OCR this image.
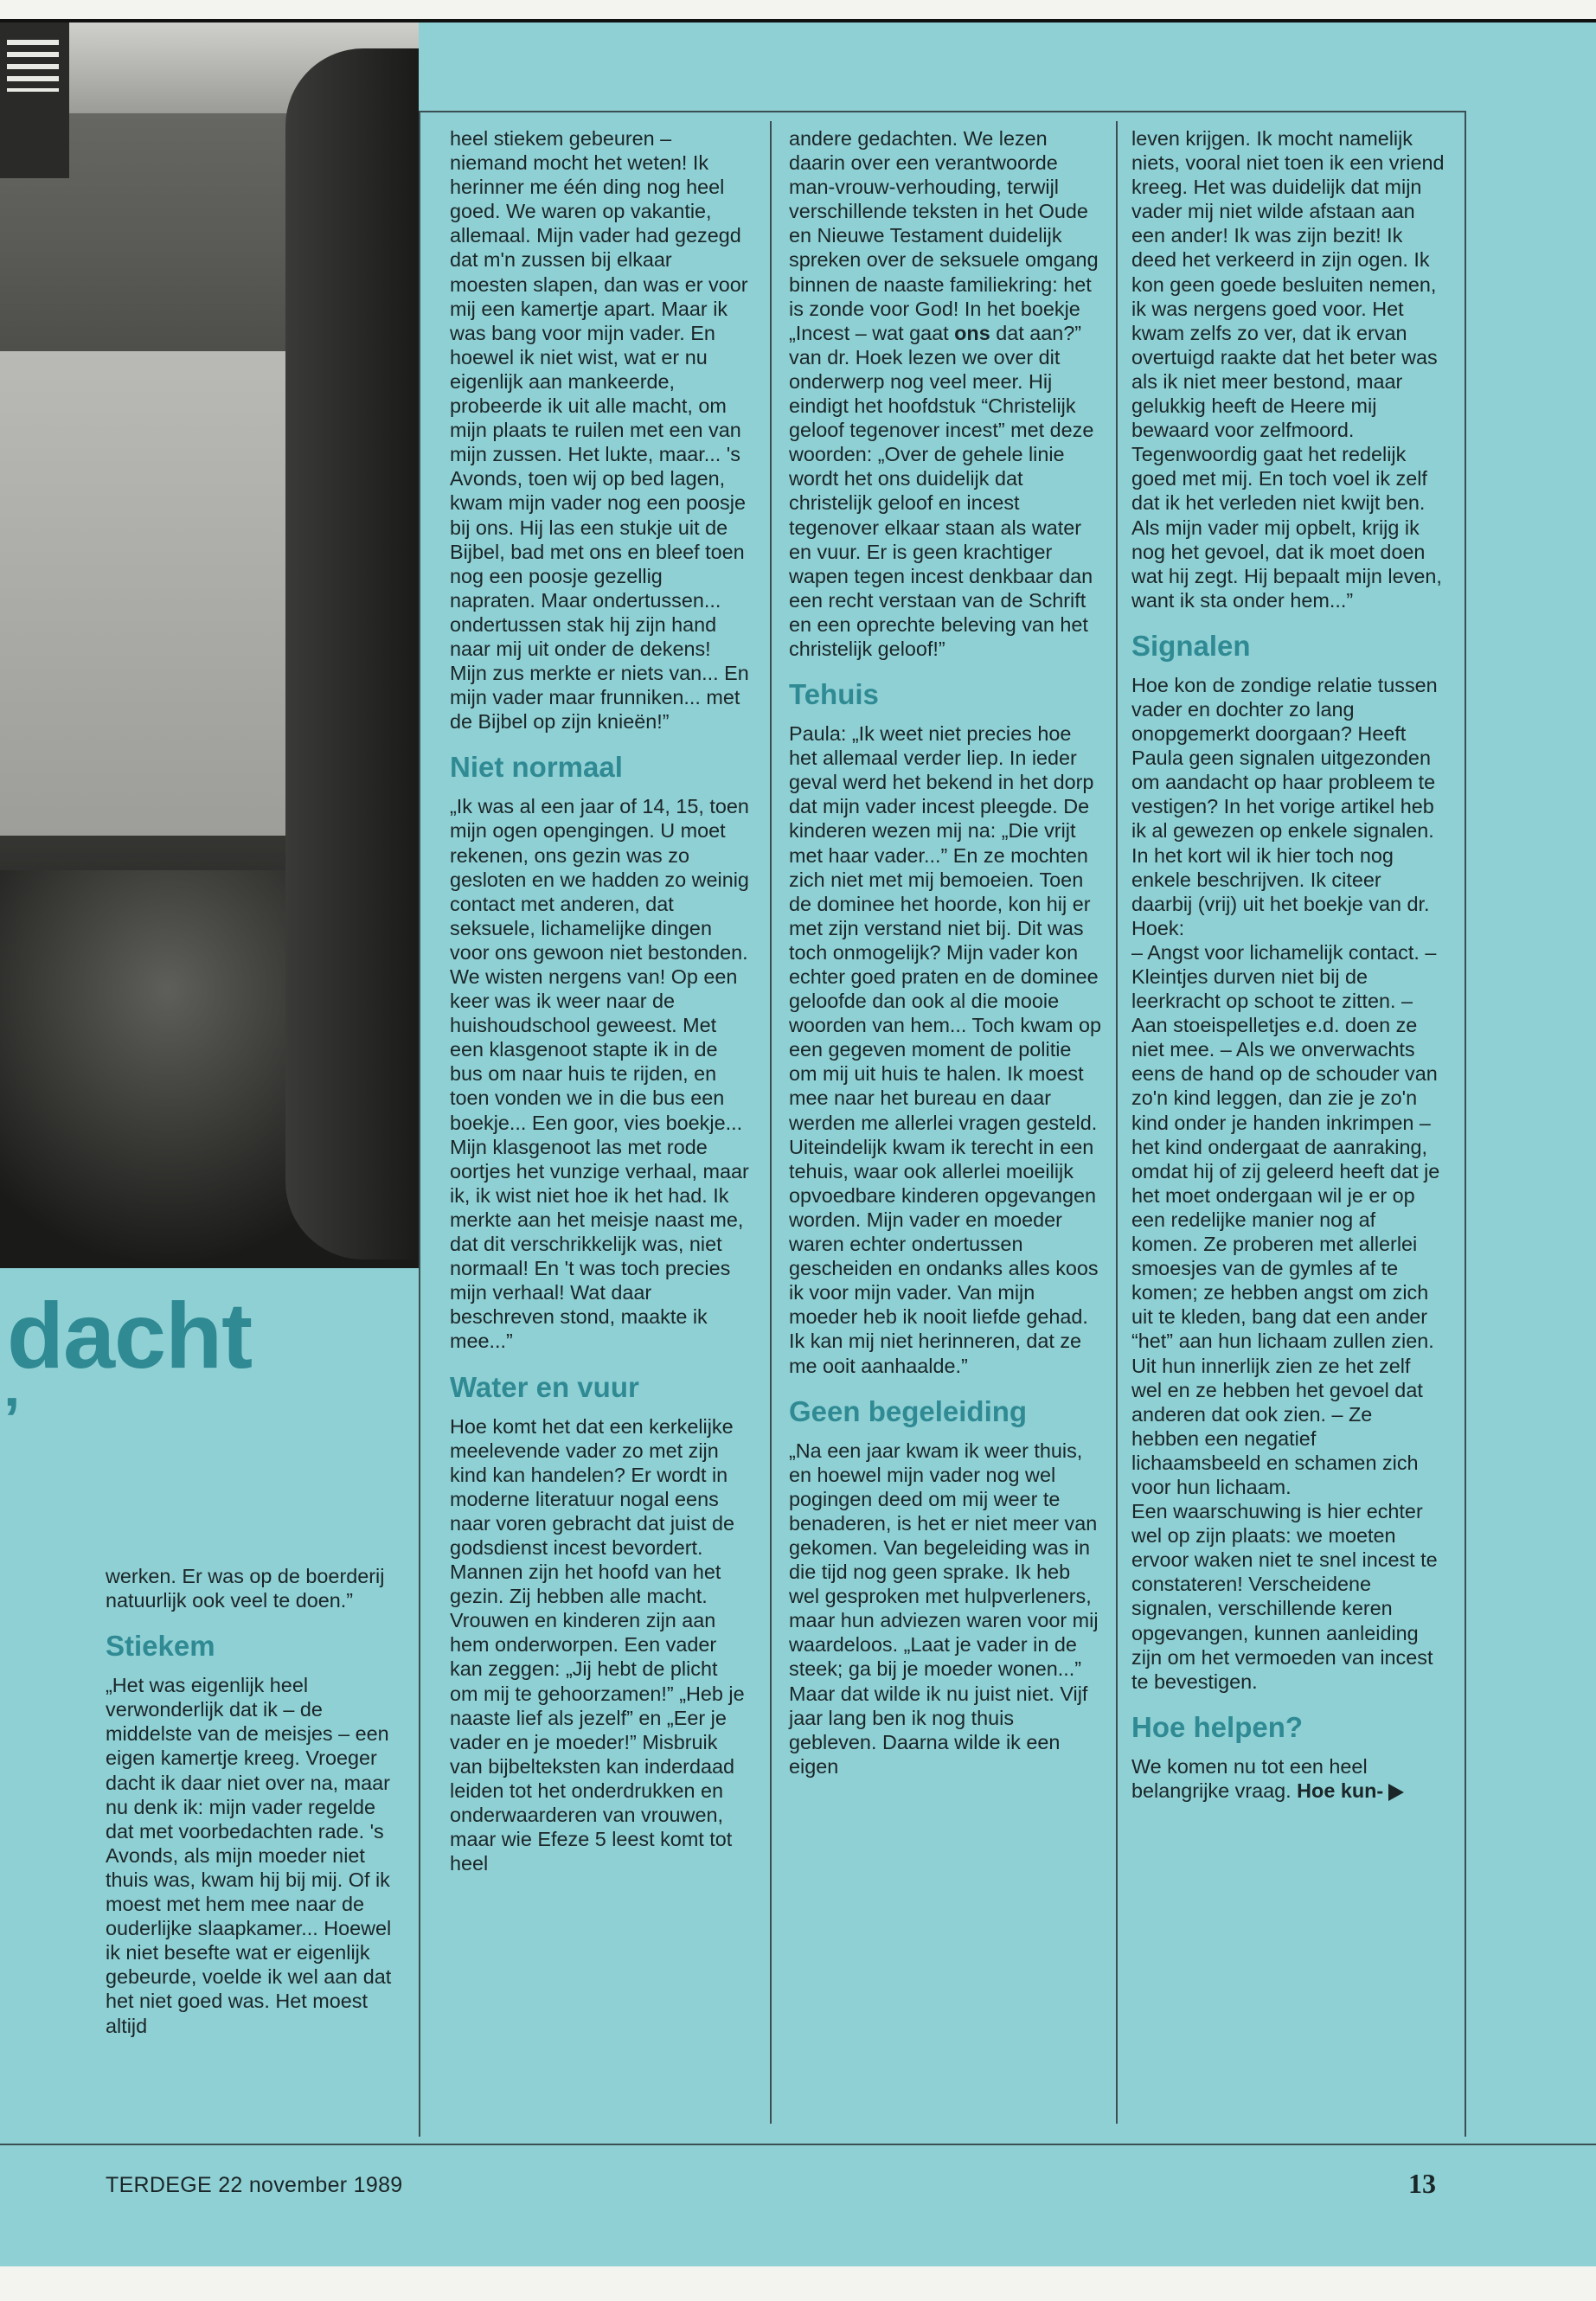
dacht
’

werken. Er was op de boerderij natuurlijk ook veel te doen.”

Stiekem

„Het was eigenlijk heel verwonderlijk dat ik – de middelste van de meisjes – een eigen kamertje kreeg. Vroeger dacht ik daar niet over na, maar nu denk ik: mijn vader regelde dat met voorbedachten rade. 's Avonds, als mijn moeder niet thuis was, kwam hij bij mij. Of ik moest met hem mee naar de ouderlijke slaapkamer... Hoewel ik niet besefte wat er eigenlijk gebeurde, voelde ik wel aan dat het niet goed was. Het moest altijd

heel stiekem gebeuren – niemand mocht het weten! Ik herinner me één ding nog heel goed. We waren op vakantie, allemaal. Mijn vader had gezegd dat m'n zussen bij elkaar moesten slapen, dan was er voor mij een kamertje apart. Maar ik was bang voor mijn vader. En hoewel ik niet wist, wat er nu eigenlijk aan mankeerde, probeerde ik uit alle macht, om mijn plaats te ruilen met een van mijn zussen. Het lukte, maar... 's Avonds, toen wij op bed lagen, kwam mijn vader nog een poosje bij ons. Hij las een stukje uit de Bijbel, bad met ons en bleef toen nog een poosje gezellig napraten. Maar ondertussen... ondertussen stak hij zijn hand naar mij uit onder de dekens! Mijn zus merkte er niets van... En mijn vader maar frunniken... met de Bijbel op zijn knieën!”

Niet normaal

„Ik was al een jaar of 14, 15, toen mijn ogen opengingen. U moet rekenen, ons gezin was zo gesloten en we hadden zo weinig contact met anderen, dat seksuele, lichamelijke dingen voor ons gewoon niet bestonden. We wisten nergens van! Op een keer was ik weer naar de huishoudschool geweest. Met een klasgenoot stapte ik in de bus om naar huis te rijden, en toen vonden we in die bus een boekje... Een goor, vies boekje... Mijn klasgenoot las met rode oortjes het vunzige verhaal, maar ik, ik wist niet hoe ik het had. Ik merkte aan het meisje naast me, dat dit verschrikkelijk was, niet normaal! En 't was toch precies mijn verhaal! Wat daar beschreven stond, maakte ik mee...”

Water en vuur

Hoe komt het dat een kerkelijke meelevende vader zo met zijn kind kan handelen? Er wordt in moderne literatuur nogal eens naar voren gebracht dat juist de godsdienst incest bevordert. Mannen zijn het hoofd van het gezin. Zij hebben alle macht. Vrouwen en kinderen zijn aan hem onderworpen. Een vader kan zeggen: „Jij hebt de plicht om mij te gehoorzamen!” „Heb je naaste lief als jezelf” en „Eer je vader en je moeder!” Misbruik van bijbelteksten kan inderdaad leiden tot het onderdrukken en onderwaarderen van vrouwen, maar wie Efeze 5 leest komt tot heel

andere gedachten. We lezen daarin over een verantwoorde man-vrouw-verhouding, terwijl verschillende teksten in het Oude en Nieuwe Testament duidelijk spreken over de seksuele omgang binnen de naaste familiekring: het is zonde voor God! In het boekje „Incest – wat gaat ons dat aan?” van dr. Hoek lezen we over dit onderwerp nog veel meer. Hij eindigt het hoofdstuk “Christelijk geloof tegenover incest” met deze woorden: „Over de gehele linie wordt het ons duidelijk dat christelijk geloof en incest tegenover elkaar staan als water en vuur. Er is geen krachtiger wapen tegen incest denkbaar dan een recht verstaan van de Schrift en een oprechte beleving van het christelijk geloof!”

Tehuis

Paula: „Ik weet niet precies hoe het allemaal verder liep. In ieder geval werd het bekend in het dorp dat mijn vader incest pleegde. De kinderen wezen mij na: „Die vrijt met haar vader...” En ze mochten zich niet met mij bemoeien. Toen de dominee het hoorde, kon hij er met zijn verstand niet bij. Dit was toch onmogelijk? Mijn vader kon echter goed praten en de dominee geloofde dan ook al die mooie woorden van hem... Toch kwam op een gegeven moment de politie om mij uit huis te halen. Ik moest mee naar het bureau en daar werden me allerlei vragen gesteld. Uiteindelijk kwam ik terecht in een tehuis, waar ook allerlei moeilijk opvoedbare kinderen opgevangen worden. Mijn vader en moeder waren echter ondertussen gescheiden en ondanks alles koos ik voor mijn vader. Van mijn moeder heb ik nooit liefde gehad. Ik kan mij niet herinneren, dat ze me ooit aanhaalde.”

Geen begeleiding

„Na een jaar kwam ik weer thuis, en hoewel mijn vader nog wel pogingen deed om mij weer te benaderen, is het er niet meer van gekomen. Van begeleiding was in die tijd nog geen sprake. Ik heb wel gesproken met hulpverleners, maar hun adviezen waren voor mij waardeloos. „Laat je vader in de steek; ga bij je moeder wonen...” Maar dat wilde ik nu juist niet. Vijf jaar lang ben ik nog thuis gebleven. Daarna wilde ik een eigen

leven krijgen. Ik mocht namelijk niets, vooral niet toen ik een vriend kreeg. Het was duidelijk dat mijn vader mij niet wilde afstaan aan een ander! Ik was zijn bezit! Ik deed het verkeerd in zijn ogen. Ik kon geen goede besluiten nemen, ik was nergens goed voor. Het kwam zelfs zo ver, dat ik ervan overtuigd raakte dat het beter was als ik niet meer bestond, maar gelukkig heeft de Heere mij bewaard voor zelfmoord.

Tegenwoordig gaat het redelijk goed met mij. En toch voel ik zelf dat ik het verleden niet kwijt ben. Als mijn vader mij opbelt, krijg ik nog het gevoel, dat ik moet doen wat hij zegt. Hij bepaalt mijn leven, want ik sta onder hem...”

Signalen

Hoe kon de zondige relatie tussen vader en dochter zo lang onopgemerkt doorgaan? Heeft Paula geen signalen uitgezonden om aandacht op haar probleem te vestigen? In het vorige artikel heb ik al gewezen op enkele signalen. In het kort wil ik hier toch nog enkele beschrijven. Ik citeer daarbij (vrij) uit het boekje van dr. Hoek:

– Angst voor lichamelijk contact. – Kleintjes durven niet bij de leerkracht op schoot te zitten. – Aan stoeispelletjes e.d. doen ze niet mee. – Als we onverwachts eens de hand op de schouder van zo'n kind leggen, dan zie je zo'n kind onder je handen inkrimpen – het kind ondergaat de aanraking, omdat hij of zij geleerd heeft dat je het moet ondergaan wil je er op een redelijke manier nog af komen. Ze proberen met allerlei smoesjes van de gymles af te komen; ze hebben angst om zich uit te kleden, bang dat een ander “het” aan hun lichaam zullen zien. Uit hun innerlijk zien ze het zelf wel en ze hebben het gevoel dat anderen dat ook zien. – Ze hebben een negatief lichaamsbeeld en schamen zich voor hun lichaam.

Een waarschuwing is hier echter wel op zijn plaats: we moeten ervoor waken niet te snel incest te constateren! Verscheidene signalen, verschillende keren opgevangen, kunnen aanleiding zijn om het vermoeden van incest te bevestigen.

Hoe helpen?

We komen nu tot een heel belangrijke vraag. Hoe kun-

TERDEGE 22 november 1989	13
